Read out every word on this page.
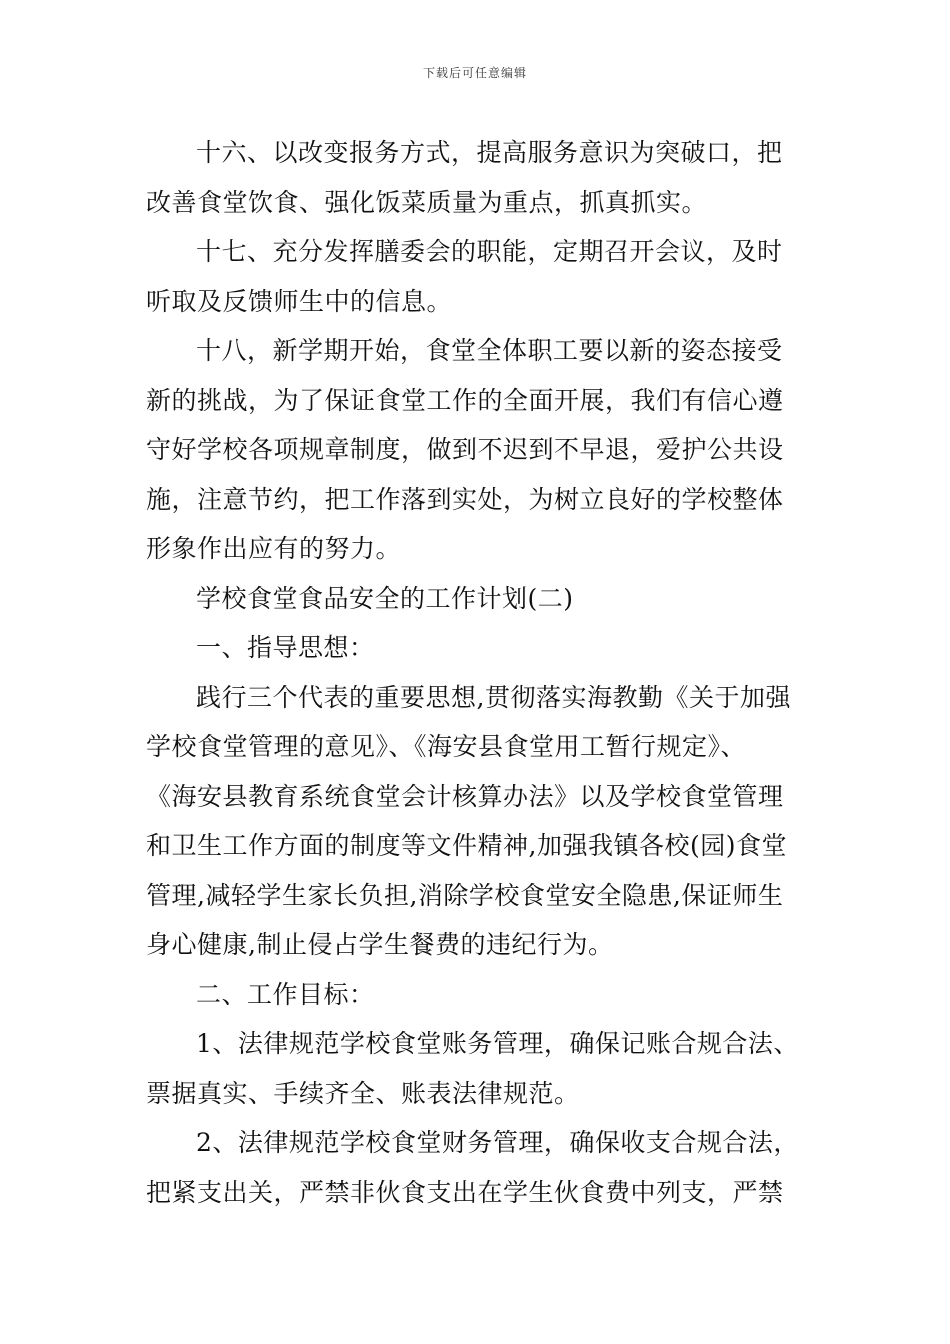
下载后可任意编辑
十六、以改变报务方式，提高服务意识为突破口，把
改善食堂饮食、强化饭菜质量为重点，抓真抓实。
十七、充分发挥膳委会的职能，定期召开会议，及时
听取及反馈师生中的信息。
十八，新学期开始，食堂全体职工要以新的姿态接受
新的挑战，为了保证食堂工作的全面开展，我们有信心遵
守好学校各项规章制度，做到不迟到不早退，爱护公共设
施，注意节约，把工作落到实处，为树立良好的学校整体
形象作出应有的努力。
学校食堂食品安全的工作计划(二)
一、指导思想：
践行三个代表的重要思想,贯彻落实海教勤《关于加强
学校食堂管理的意见》、《海安县食堂用工暂行规定》、
《海安县教育系统食堂会计核算办法》以及学校食堂管理
和卫生工作方面的制度等文件精神,加强我镇各校(园)食堂
管理,减轻学生家长负担,消除学校食堂安全隐患,保证师生
身心健康,制止侵占学生餐费的违纪行为。
二、工作目标：
1、法律规范学校食堂账务管理，确保记账合规合法、
票据真实、手续齐全、账表法律规范。
2、法律规范学校食堂财务管理，确保收支合规合法，
把紧支出关，严禁非伙食支出在学生伙食费中列支，严禁
